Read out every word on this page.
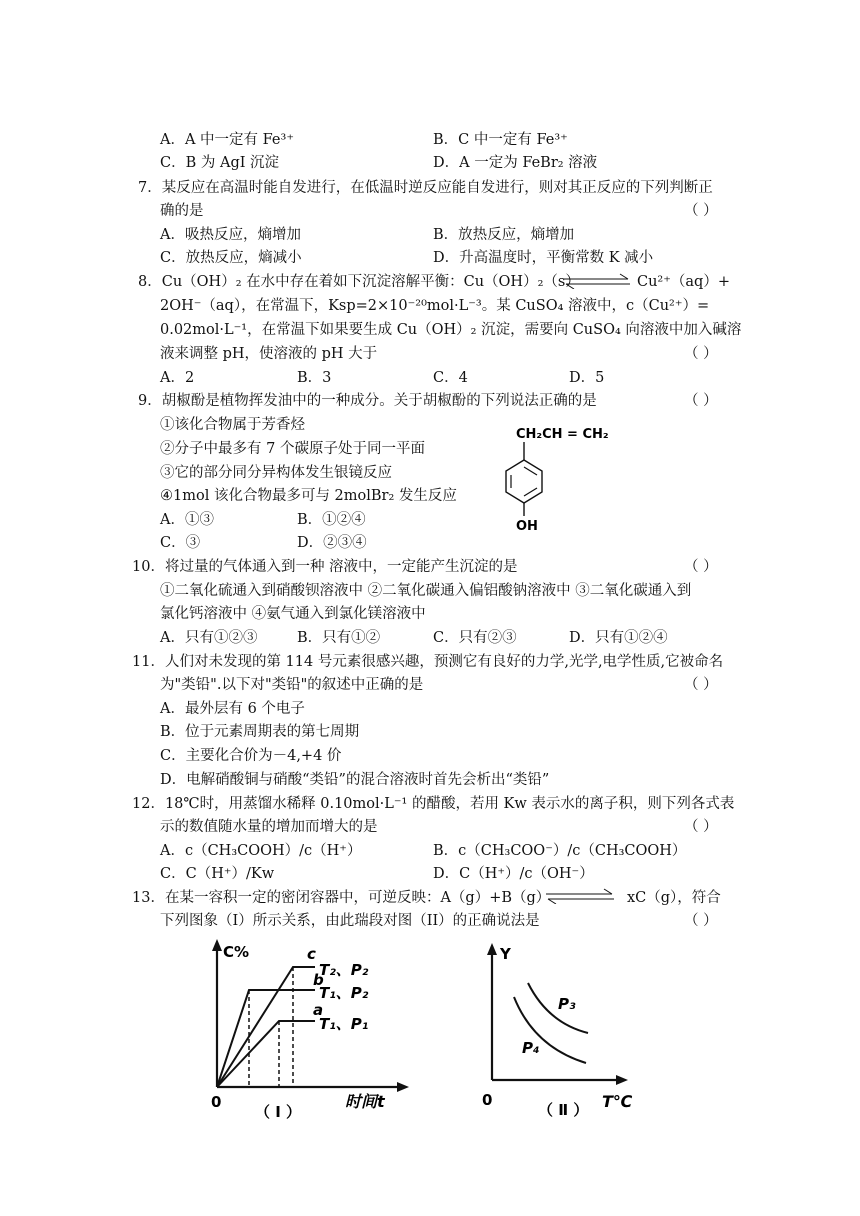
A．A 中一定有 Fe³⁺	B．C 中一定有 Fe³⁺
C．B 为 AgI 沉淀	D．A 一定为 FeBr₂ 溶液
7．某反应在高温时能自发进行，在低温时逆反应能自发进行，则对其正反应的下列判断正
确的是	（ ）
A．吸热反应，熵增加	B．放热反应，熵增加
C．放热反应，熵减小	D．升高温度时，平衡常数 K 减小
8．Cu（OH）₂ 在水中存在着如下沉淀溶解平衡：Cu（OH）₂（s）	Cu²⁺（aq）+
2OH⁻（aq），在常温下，Ksp=2×10⁻²⁰mol·L⁻³。某 CuSO₄ 溶液中，c（Cu²⁺）=
0.02mol·L⁻¹，在常温下如果要生成 Cu（OH）₂ 沉淀，需要向 CuSO₄ 向溶液中加入碱溶
液来调整 pH，使溶液的 pH 大于	（ ）
A．2	B．3	C．4	D．5
9．胡椒酚是植物挥发油中的一种成分。关于胡椒酚的下列说法正确的是	（ ）
①该化合物属于芳香烃
②分子中最多有 7 个碳原子处于同一平面
③它的部分同分异构体发生银镜反应
④1mol 该化合物最多可与 2molBr₂ 发生反应
A．①③	B．①②④
C．③	D．②③④
CH₂CH = CH₂
OH
10．将过量的气体通入到一种 溶液中，一定能产生沉淀的是	（ ）
①二氧化硫通入到硝酸钡溶液中 ②二氧化碳通入偏铝酸钠溶液中 ③二氧化碳通入到
氯化钙溶液中 ④氨气通入到氯化镁溶液中
A．只有①②③	B．只有①②	C．只有②③	D．只有①②④
11．人们对未发现的第 114 号元素很感兴趣，预测它有良好的力学,光学,电学性质,它被命名
为"类铅".以下对"类铅"的叙述中正确的是	（ ）
A．最外层有 6 个电子
B．位于元素周期表的第七周期
C．主要化合价为－4,+4 价
D．电解硝酸铜与硝酸“类铅”的混合溶液时首先会析出“类铅”
12．18℃时，用蒸馏水稀释 0.10mol·L⁻¹ 的醋酸，若用 Kw 表示水的离子积，则下列各式表
示的数值随水量的增加而增大的是	（ ）
A．c（CH₃COOH）/c（H⁺）	B．c（CH₃COO⁻）/c（CH₃COOH）
C．C（H⁺）/Kw	D．C（H⁺）/c（OH⁻）
13．在某一容积一定的密闭容器中，可逆反映：A（g）+B（g）	xC（g），符合
下列图象（I）所示关系，由此瑞段对图（II）的正确说法是	（ ）
C%
0	时间t
（ Ⅰ ）
c
b
a
T₂、P₂
T₁、P₂
T₁、P₁
Y
0	T℃
（ Ⅱ ）
P₃
P₄
